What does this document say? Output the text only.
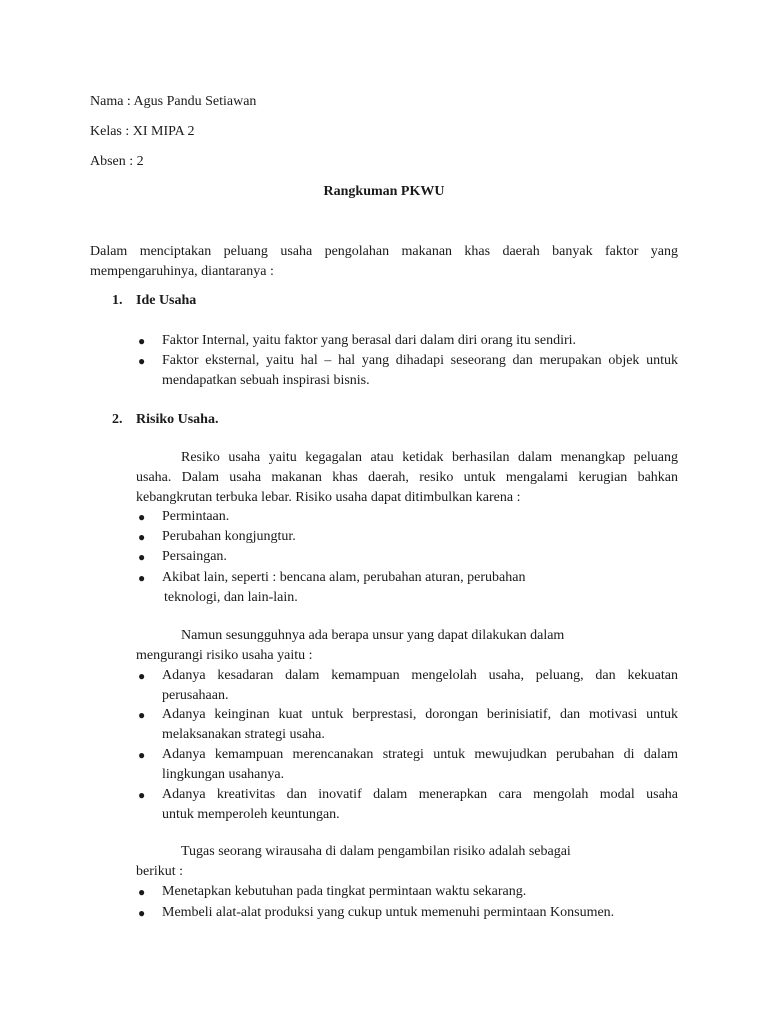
Nama : Agus Pandu Setiawan
Kelas : XI MIPA 2
Absen : 2
Rangkuman PKWU
Dalam menciptakan peluang usaha pengolahan makanan khas daerah banyak faktor yang
mempengaruhinya, diantaranya :
1. Ide Usaha
● Faktor Internal, yaitu faktor yang berasal dari dalam diri orang itu sendiri.
● Faktor eksternal, yaitu hal – hal yang dihadapi seseorang dan merupakan objek untuk
mendapatkan sebuah inspirasi bisnis.
2. Risiko Usaha.
Resiko usaha yaitu kegagalan atau ketidak berhasilan dalam menangkap peluang
usaha. Dalam usaha makanan khas daerah, resiko untuk mengalami kerugian bahkan
kebangkrutan terbuka lebar. Risiko usaha dapat ditimbulkan karena :
● Permintaan.
● Perubahan kongjungtur.
● Persaingan.
● Akibat lain, seperti : bencana alam, perubahan aturan, perubahan
teknologi, dan lain-lain.
Namun sesungguhnya ada berapa unsur yang dapat dilakukan dalam
mengurangi risiko usaha yaitu :
● Adanya kesadaran dalam kemampuan mengelolah usaha, peluang, dan kekuatan
perusahaan.
● Adanya keinginan kuat untuk berprestasi, dorongan berinisiatif, dan motivasi untuk
melaksanakan strategi usaha.
● Adanya kemampuan merencanakan strategi untuk mewujudkan perubahan di dalam
lingkungan usahanya.
● Adanya kreativitas dan inovatif dalam menerapkan cara mengolah modal usaha
untuk memperoleh keuntungan.
Tugas seorang wirausaha di dalam pengambilan risiko adalah sebagai
berikut :
● Menetapkan kebutuhan pada tingkat permintaan waktu sekarang.
● Membeli alat-alat produksi yang cukup untuk memenuhi permintaan Konsumen.
